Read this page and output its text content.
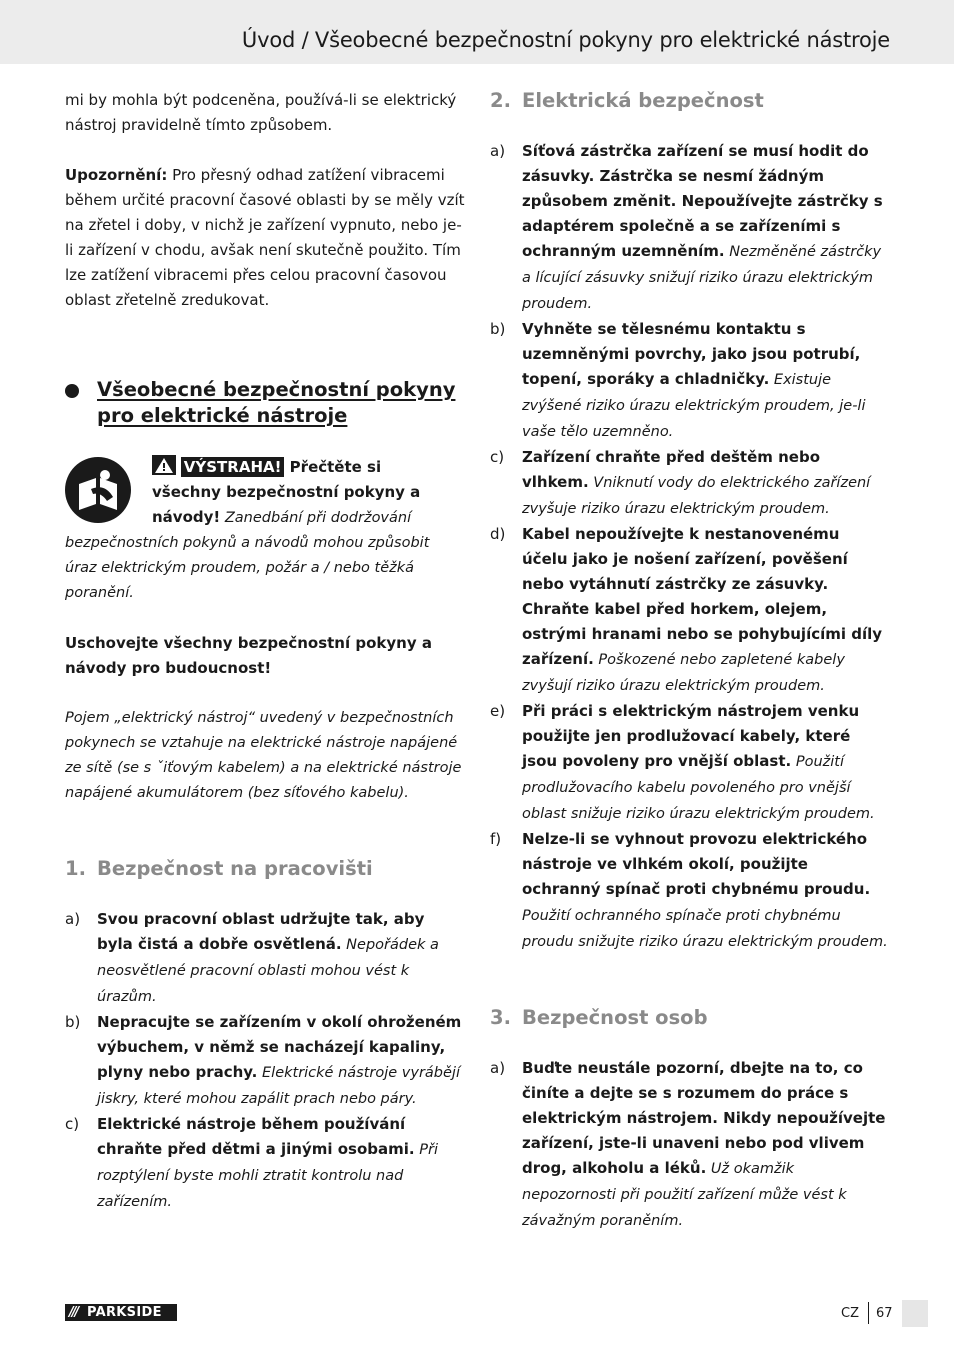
Úvod / Všeobecné bezpečnostní pokyny pro elektrické nástroje

mi by mohla být podceněna, používá-li se elektrický nástroj pravidelně tímto způsobem.

Upozornění: Pro přesný odhad zatížení vibracemi během určité pracovní časové oblasti by se měly vzít na zřetel i doby, v nichž je zařízení vypnuto, nebo je-li zařízení v chodu, avšak není skutečně použito. Tím lze zatížení vibracemi přes celou pracovní časovou oblast zřetelně zredukovat.

Všeobecné bezpečnostní pokyny pro elektrické nástroje
VÝSTRAHA! Přečtěte si
všechny bezpečnostní pokyny a
návody! Zanedbání při dodržování
bezpečnostních pokynů a návodů mohou způsobit úraz elektrickým proudem, požár a / nebo těžká poranění.

Uschovejte všechny bezpečnostní pokyny a návody pro budoucnost!

Pojem „elektrický nástroj“ uvedený v bezpečnostních pokynech se vztahuje na elektrické nástroje napájené ze sítě (se s ˇiťovým kabelem) a na elektrické nástroje napájené akumulátorem (bez síťového kabelu).

1. Bezpečnost na pracovišti
a) Svou pracovní oblast udržujte tak, aby byla čistá a dobře osvětlená. Nepořádek a neosvětlené pracovní oblasti mohou vést k úrazům.
b) Nepracujte se zařízením v okolí ohroženém výbuchem, v němž se nacházejí kapaliny, plyny nebo prachy. Elektrické nástroje vyrábějí jiskry, které mohou zapálit prach nebo páry.
c) Elektrické nástroje během používání chraňte před dětmi a jinými osobami. Při rozptýlení byste mohli ztratit kontrolu nad zařízením.
2. Elektrická bezpečnost
a) Síťová zástrčka zařízení se musí hodit do zásuvky. Zástrčka se nesmí žádným způsobem změnit. Nepoužívejte zástrčky s adaptérem společně a se zařízeními s ochranným uzemněním. Nezměněné zástrčky a lícující zásuvky snižují riziko úrazu elektrickým proudem.
b) Vyhněte se tělesnému kontaktu s uzemněnými povrchy, jako jsou potrubí, topení, sporáky a chladničky. Existuje zvýšené riziko úrazu elektrickým proudem, je-li vaše tělo uzemněno.
c) Zařízení chraňte před deštěm nebo vlhkem. Vniknutí vody do elektrického zařízení zvyšuje riziko úrazu elektrickým proudem.
d) Kabel nepoužívejte k nestanovenému účelu jako je nošení zařízení, pověšení nebo vytáhnutí zástrčky ze zásuvky. Chraňte kabel před horkem, olejem, ostrými hranami nebo se pohybujícími díly zařízení. Poškozené nebo zapletené kabely zvyšují riziko úrazu elektrickým proudem.
e) Při práci s elektrickým nástrojem venku použijte jen prodlužovací kabely, které jsou povoleny pro vnější oblast. Použití prodlužovacího kabelu povoleného pro vnější oblast snižuje riziko úrazu elektrickým proudem.
f) Nelze-li se vyhnout provozu elektrického nástroje ve vlhkém okolí, použijte ochranný spínač proti chybnému proudu. Použití ochranného spínače proti chybnému proudu snižujte riziko úrazu elektrickým proudem.
3. Bezpečnost osob
a) Buďte neustále pozorní, dbejte na to, co činíte a dejte se s rozumem do práce s elektrickým nástrojem. Nikdy nepoužívejte zařízení, jste-li unaveni nebo pod vlivem drog, alkoholu a léků. Už okamžik nepozornosti při použití zařízení může vést k závažným poraněním.
/// PARKSIDE	CZ 67
